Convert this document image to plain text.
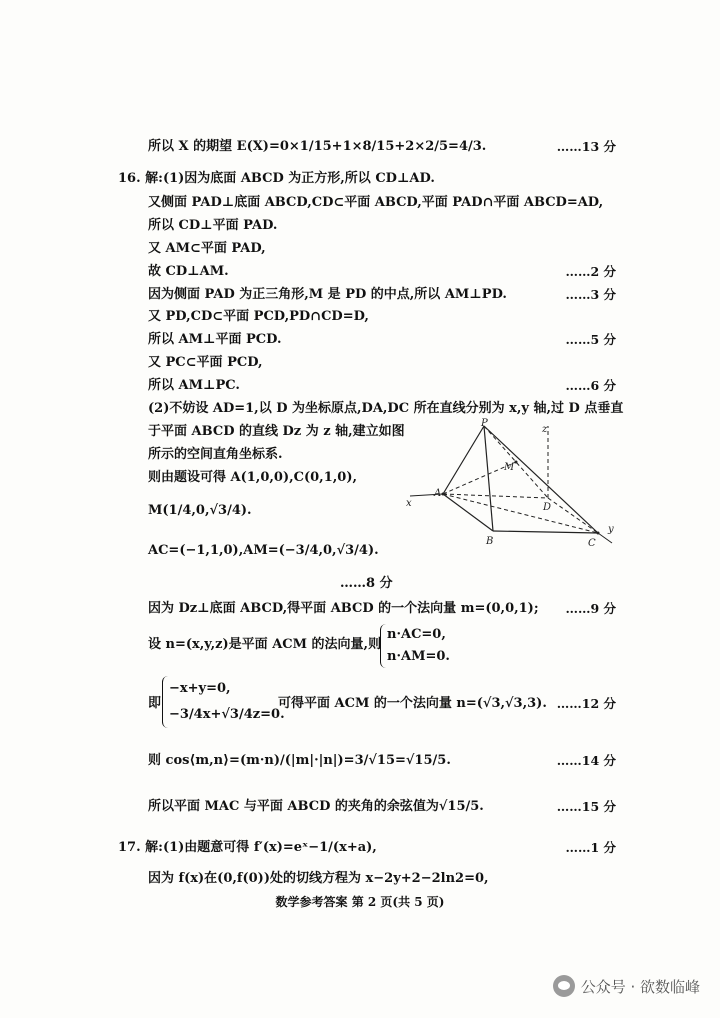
所以 X 的期望 E(X)=0×1/15+1×8/15+2×2/5=4/3.	……13 分
16. 解:(1)因为底面 ABCD 为正方形,所以 CD⊥AD.
又侧面 PAD⊥底面 ABCD,CD⊂平面 ABCD,平面 PAD∩平面 ABCD=AD,
所以 CD⊥平面 PAD.
又 AM⊂平面 PAD,
故 CD⊥AM.	……2 分
因为侧面 PAD 为正三角形,M 是 PD 的中点,所以 AM⊥PD.	……3 分
又 PD,CD⊂平面 PCD,PD∩CD=D,
所以 AM⊥平面 PCD.	……5 分
又 PC⊂平面 PCD,
所以 AM⊥PC.	……6 分
(2)不妨设 AD=1,以 D 为坐标原点,DA,DC 所在直线分别为 x,y 轴,过 D 点垂直
于平面 ABCD 的直线 Dz 为 z 轴,建立如图
所示的空间直角坐标系.
则由题设可得 A(1,0,0),C(0,1,0),
M(1/4,0,√3/4).
AC=(−1,1,0),AM=(−3/4,0,√3/4).
……8 分
P
M
A
B	C
D
x
y
z
因为 Dz⊥底面 ABCD,得平面 ABCD 的一个法向量 m=(0,0,1); ……9 分
设 n=(x,y,z)是平面 ACM 的法向量,则
n·AC=0,
n·AM=0.
即
−x+y=0,
−3/4x+√3/4z=0.
可得平面 ACM 的一个法向量 n=(√3,√3,3). ……12 分
则 cos⟨m,n⟩=(m·n)/(|m|·|n|)=3/√15=√15/5.	……14 分
所以平面 MAC 与平面 ABCD 的夹角的余弦值为√15/5.	……15 分
17. 解:(1)由题意可得 f′(x)=eˣ−1/(x+a),	……1 分
因为 f(x)在(0,f(0))处的切线方程为 x−2y+2−2ln2=0,
数学参考答案 第 2 页(共 5 页)
公众号 · 欲数临峰
